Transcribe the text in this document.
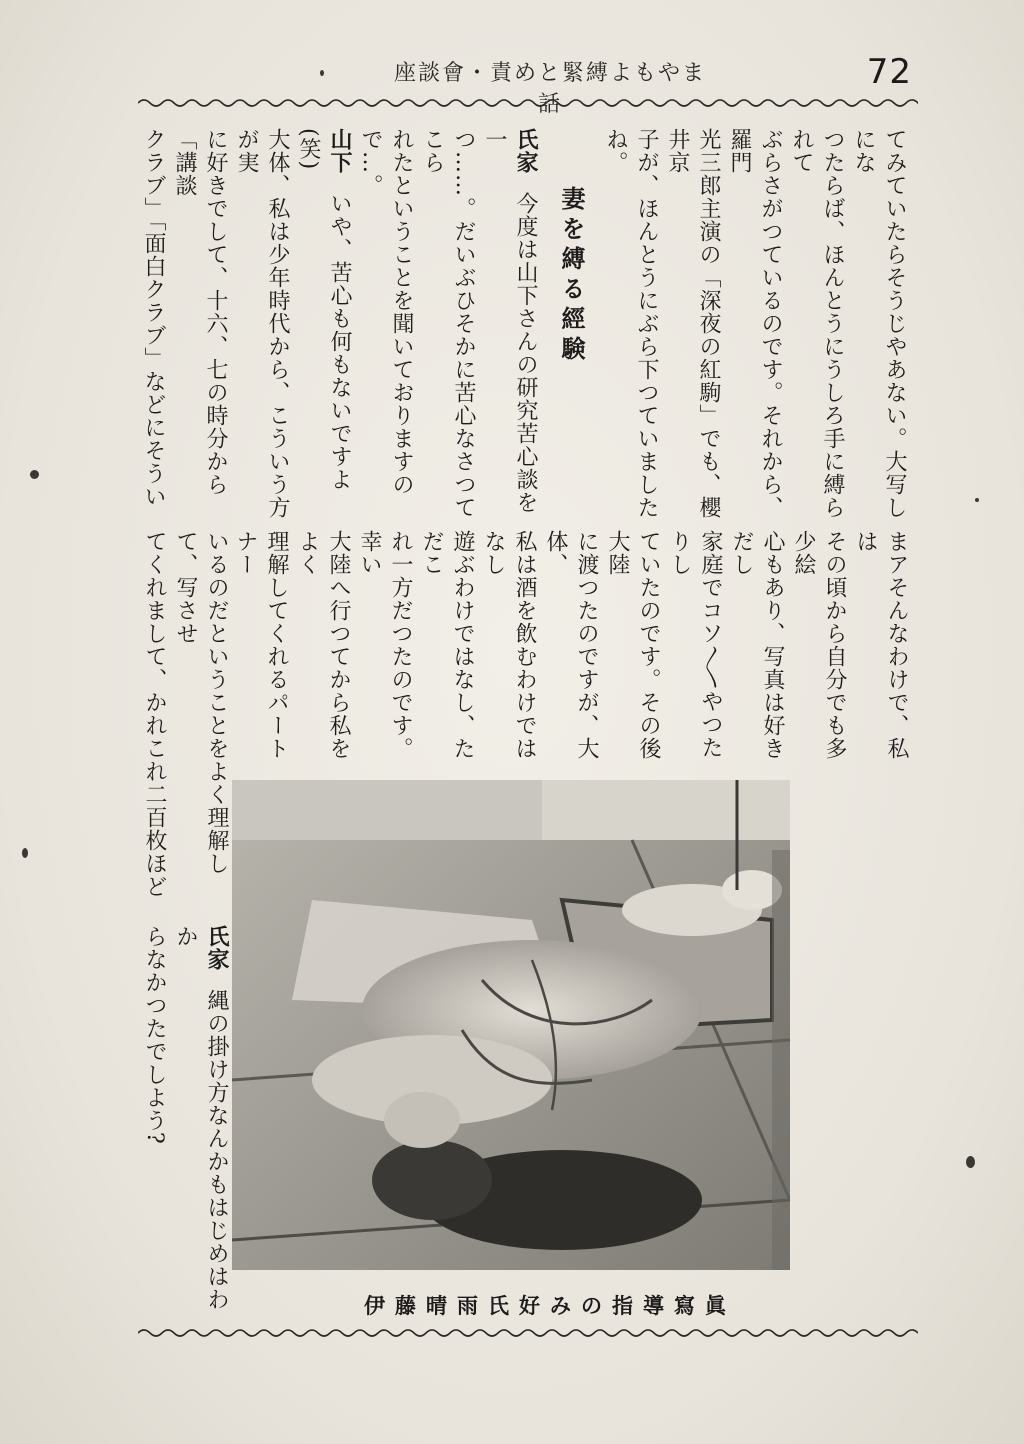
座談會・責めと緊縛よもやま話
72

てみていたらそうじやあない。大写しにな

つたらば、ほんとうにうしろ手に縛られて

ぶらさがつているのです。それから、羅門

光三郎主演の「深夜の紅駒」でも、櫻井京

子が、ほんとうにぶら下つていましたね。

妻を縛る經験

氏家 今度は山下さんの研究苦心談を一

つ……。だいぶひそかに苦心なさつてこら

れたということを聞いておりますので…。

山下 いや、苦心も何もないですよ(笑)

大体、私は少年時代から、こういう方が実

に好きでして、十六、七の時分から「講談

クラブ」「面白クラブ」などにそうい

まアそんなわけで、私は

その頃から自分でも多少絵

心もあり、写真は好きだし

家庭でコソ〳〵やつたりし

ていたのです。その後大陸

に渡つたのですが、大体、

私は酒を飲むわけではなし

遊ぶわけではなし、ただこ

れ一方だつたのです。幸い

大陸へ行つてから私をよく

理解してくれるパートナー

いるのだということをよく理解して、写させ

てくれまして、かれこれ二百枚ほど

氏家 縄の掛け方なんかもはじめはわか

らなかつたでしよう?

伊藤晴雨氏好みの指導寫眞
